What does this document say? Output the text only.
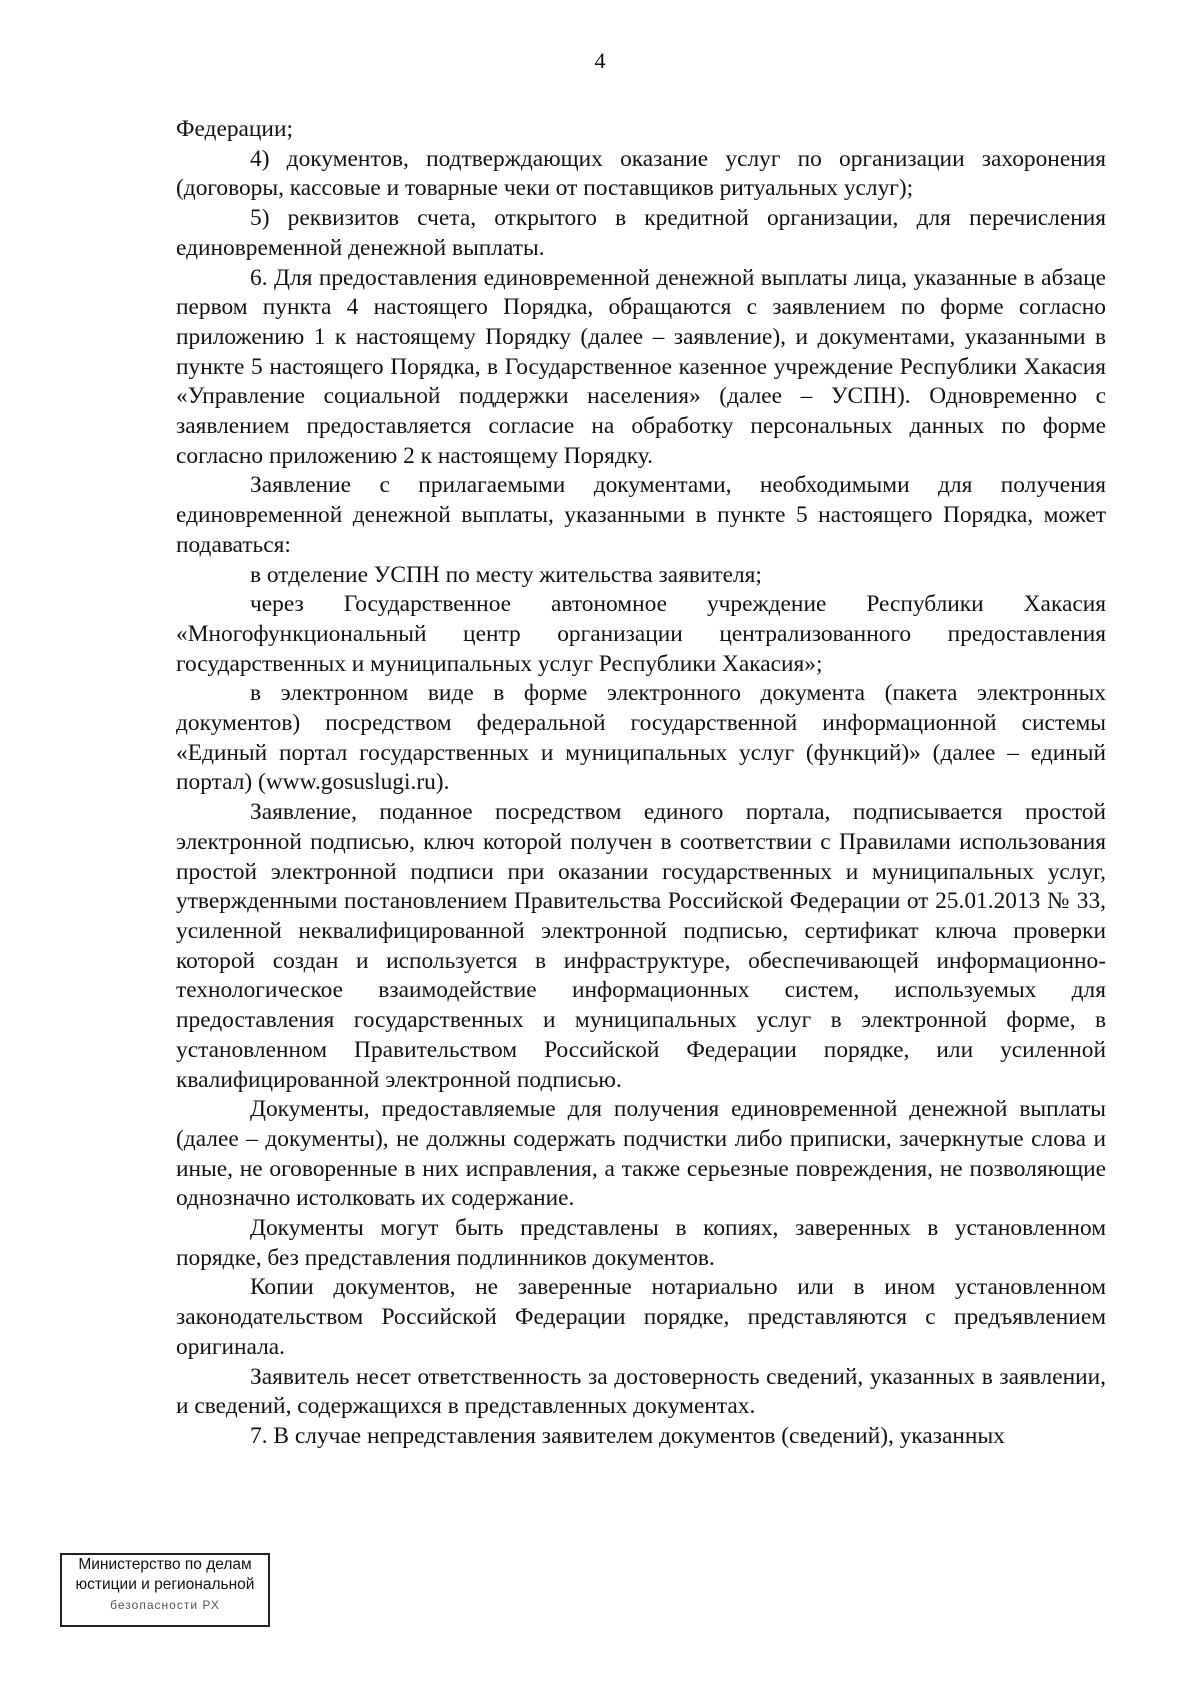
4

Федерации;

4) документов, подтверждающих оказание услуг по организации захоронения (договоры, кассовые и товарные чеки от поставщиков ритуальных услуг);

5) реквизитов счета, открытого в кредитной организации, для перечисления единовременной денежной выплаты.

6. Для предоставления единовременной денежной выплаты лица, указанные в абзаце первом пункта 4 настоящего Порядка, обращаются с заявлением по форме согласно приложению 1 к настоящему Порядку (далее – заявление), и документами, указанными в пункте 5 настоящего Порядка, в Государственное казенное учреждение Республики Хакасия «Управление социальной поддержки населения» (далее – УСПН). Одновременно с заявлением предоставляется согласие на обработку персональных данных по форме согласно приложению 2 к настоящему Порядку.

Заявление с прилагаемыми документами, необходимыми для получения единовременной денежной выплаты, указанными в пункте 5 настоящего Порядка, может подаваться:

в отделение УСПН по месту жительства заявителя;

через Государственное автономное учреждение Республики Хакасия «Многофункциональный центр организации централизованного предоставления государственных и муниципальных услуг Республики Хакасия»;

в электронном виде в форме электронного документа (пакета электронных документов) посредством федеральной государственной информационной системы «Единый портал государственных и муниципальных услуг (функций)» (далее – единый портал) (www.gosuslugi.ru).

Заявление, поданное посредством единого портала, подписывается простой электронной подписью, ключ которой получен в соответствии с Правилами использования простой электронной подписи при оказании государственных и муниципальных услуг, утвержденными постановлением Правительства Российской Федерации от 25.01.2013 № 33, усиленной неквалифицированной электронной подписью, сертификат ключа проверки которой создан и используется в инфраструктуре, обеспечивающей информационно-технологическое взаимодействие информационных систем, используемых для предоставления государственных и муниципальных услуг в электронной форме, в установленном Правительством Российской Федерации порядке, или усиленной квалифицированной электронной подписью.

Документы, предоставляемые для получения единовременной денежной выплаты (далее – документы), не должны содержать подчистки либо приписки, зачеркнутые слова и иные, не оговоренные в них исправления, а также серьезные повреждения, не позволяющие однозначно истолковать их содержание.

Документы могут быть представлены в копиях, заверенных в установленном порядке, без представления подлинников документов.

Копии документов, не заверенные нотариально или в ином установленном законодательством Российской Федерации порядке, представляются с предъявлением оригинала.

Заявитель несет ответственность за достоверность сведений, указанных в заявлении, и сведений, содержащихся в представленных документах.

7. В случае непредставления заявителем документов (сведений), указанных

Министерство по делам
юстиции и региональной
безопасности РХ
